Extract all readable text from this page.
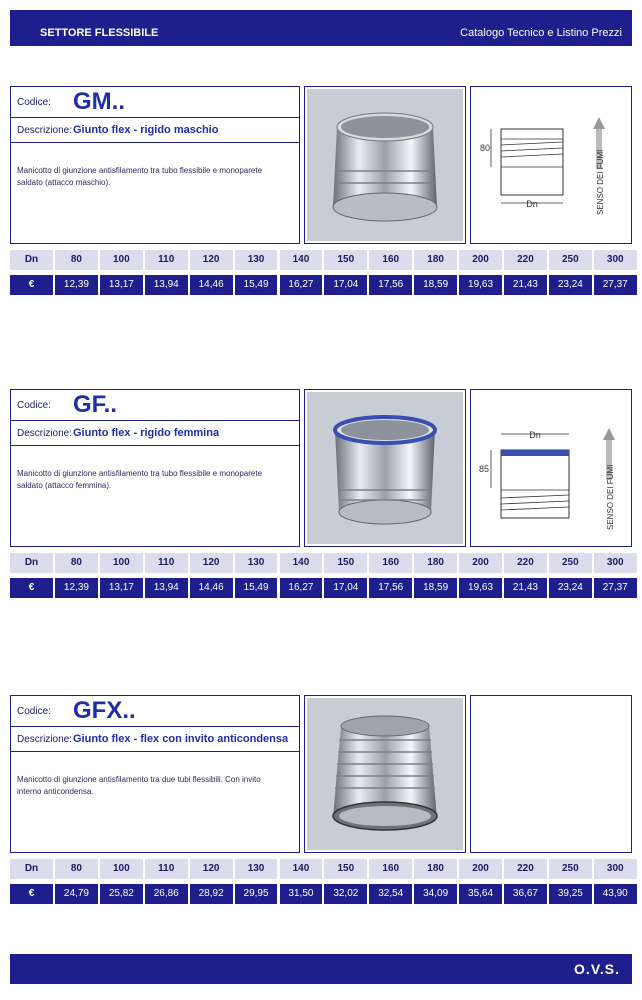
SETTORE FLESSIBILE	Catalogo Tecnico e Listino Prezzi
Codice: GM..
Descrizione: Giunto flex - rigido maschio
Manicotto di giunzione antisfilamento tra tubo flessibile e monoparete saldato (attacco maschio).
80
Dn	SENSO DEI FUMI
Dn	80	100	110	120	130	140	150	160	180	200	220	250	300
€	12,39	13,17	13,94	14,46	15,49	16,27	17,04	17,56	18,59	19,63	21,43	23,24	27,37
Codice: GF..
Descrizione: Giunto flex - rigido femmina
Manicotto di giunzione antisfilamento tra tubo flessibile e monoparete saldato (attacco femmina).
Dn
85	SENSO DEI FUMI
Dn	80	100	110	120	130	140	150	160	180	200	220	250	300
€	12,39	13,17	13,94	14,46	15,49	16,27	17,04	17,56	18,59	19,63	21,43	23,24	27,37
Codice: GFX..
Descrizione: Giunto flex - flex con invito anticondensa
Manicotto di giunzione antisfilamento tra due tubi flessibili. Con invito interno anticondensa.
Dn	80	100	110	120	130	140	150	160	180	200	220	250	300
€	24,79	25,82	26,86	28,92	29,95	31,50	32,02	32,54	34,09	35,64	36,67	39,25	43,90
O.V.S.
